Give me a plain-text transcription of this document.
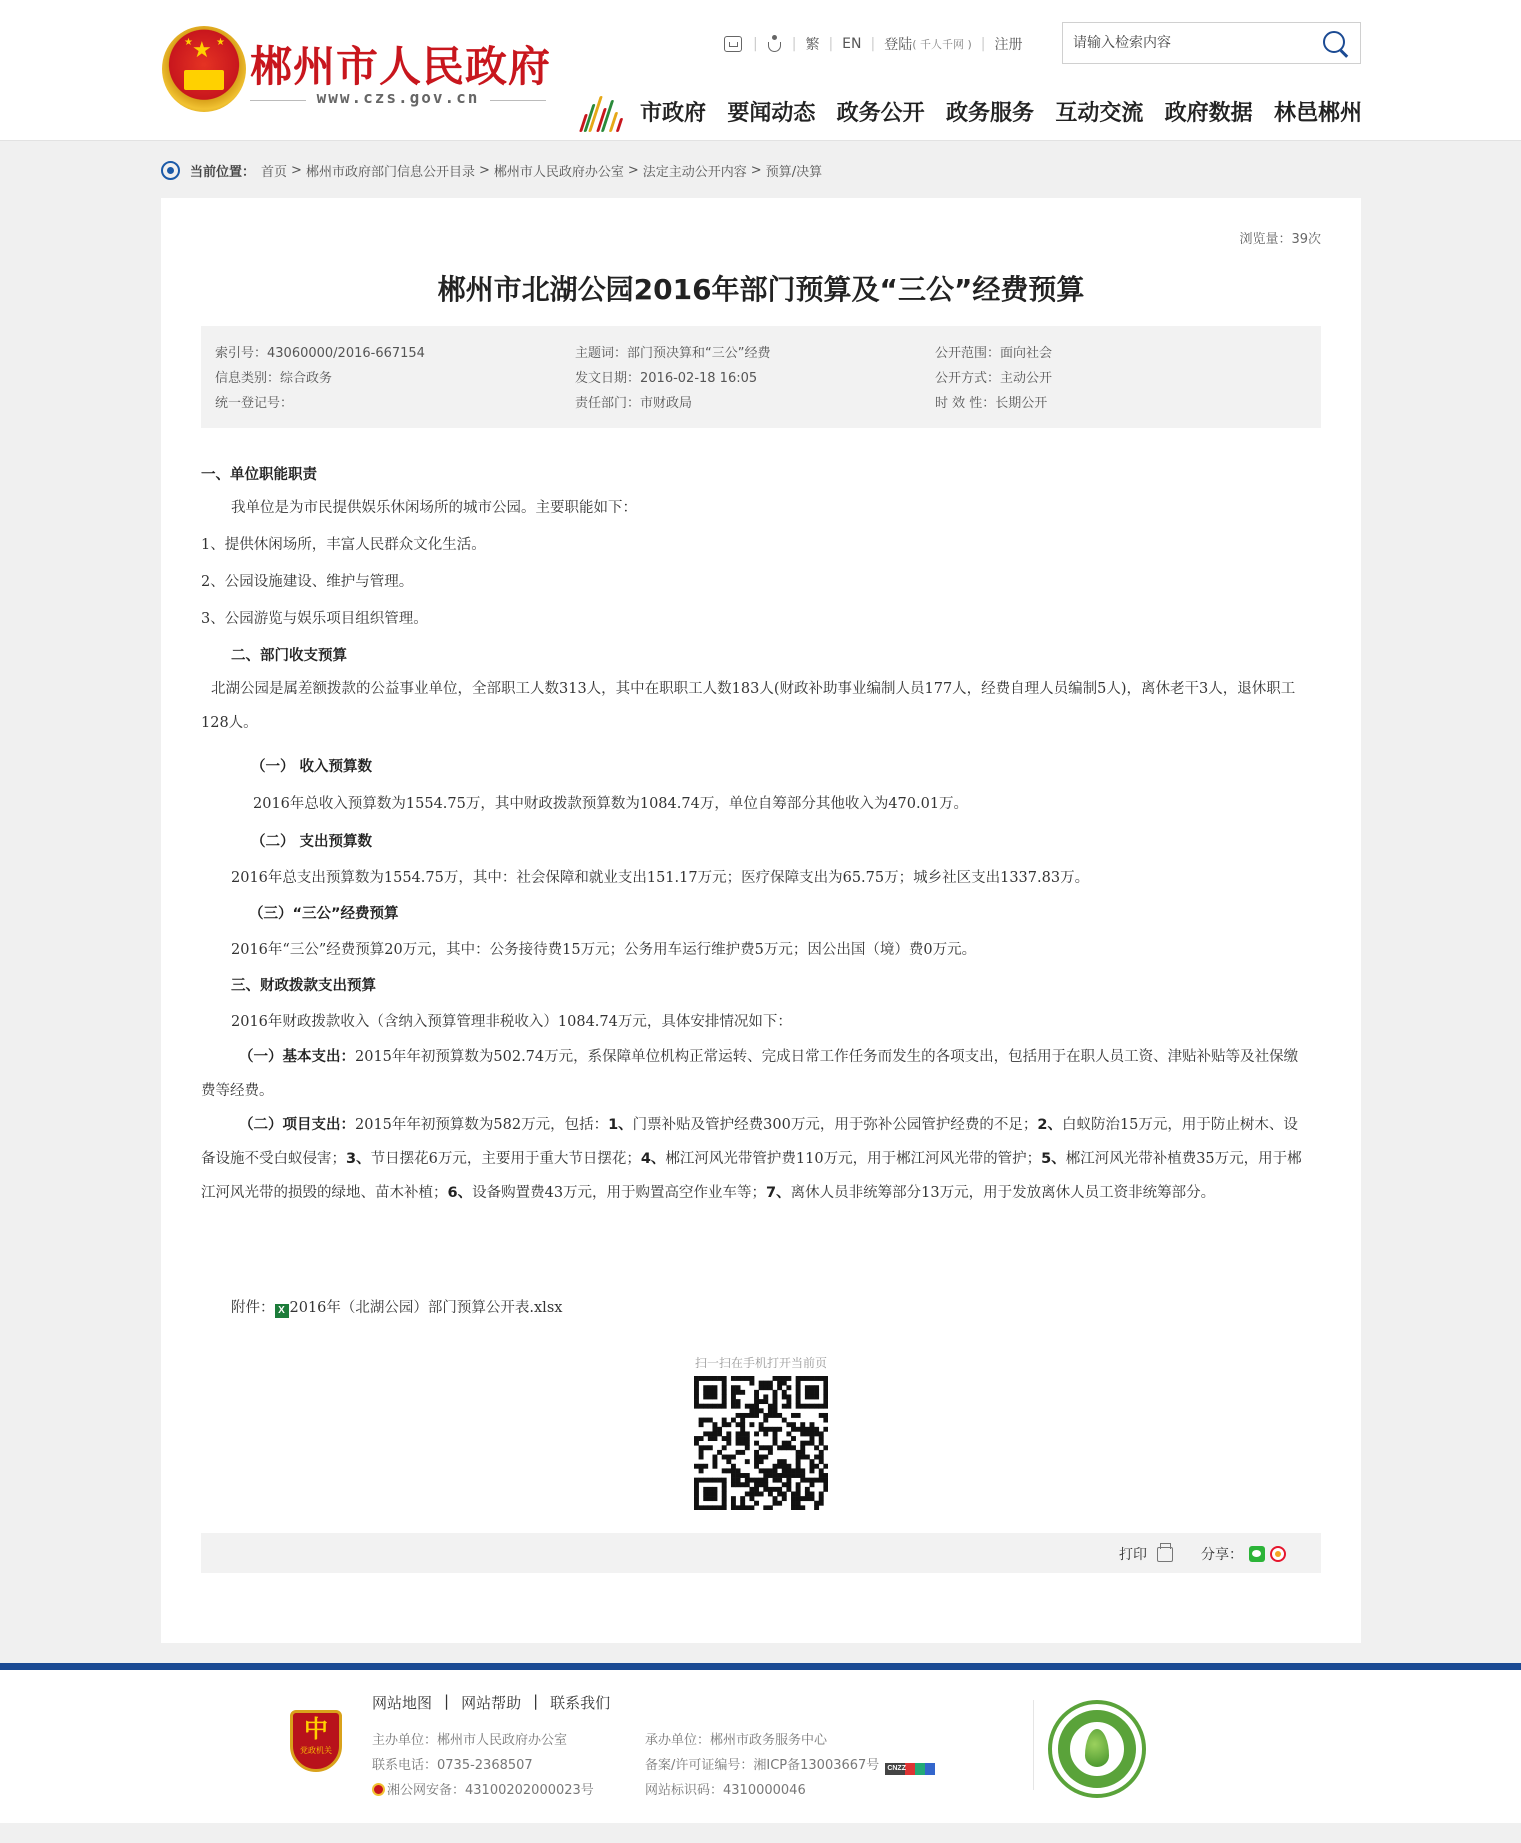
★ ★ ★ 郴州市人民政府
www.czs.gov.cn
| | 繁 | EN | 登陆 ( 千人千网 ) | 注册
请输入检索内容
市政府 要闻动态 政务公开 政务服务 互动交流 政府数据 林邑郴州
当前位置： 首页 > 郴州市政府部门信息公开目录 > 郴州市人民政府办公室 > 法定主动公开内容 > 预算/决算
浏览量：39次
郴州市北湖公园2016年部门预算及“三公”经费预算
索引号：43060000/2016-667154
信息类别：综合政务
统一登记号：
主题词：部门预决算和“三公”经费
发文日期：2016-02-18 16:05
责任部门：市财政局
公开范围：面向社会
公开方式：主动公开
时 效 性：长期公开

一、单位职能职责

我单位是为市民提供娱乐休闲场所的城市公园。主要职能如下：

1、提供休闲场所，丰富人民群众文化生活。

2、公园设施建设、维护与管理。

3、公园游览与娱乐项目组织管理。

二、部门收支预算

北湖公园是属差额拨款的公益事业单位，全部职工人数313人，其中在职职工人数183人(财政补助事业编制人员177人，经费自理人员编制5人)，离休老干3人，退休职工128人。

（一） 收入预算数

2016年总收入预算数为1554.75万，其中财政拨款预算数为1084.74万，单位自筹部分其他收入为470.01万。

（二） 支出预算数

2016年总支出预算数为1554.75万，其中：社会保障和就业支出151.17万元；医疗保障支出为65.75万；城乡社区支出1337.83万。

（三）“三公”经费预算

2016年“三公”经费预算20万元，其中：公务接待费15万元；公务用车运行维护费5万元；因公出国（境）费0万元。

三、财政拨款支出预算

2016年财政拨款收入（含纳入预算管理非税收入）1084.74万元，具体安排情况如下：

（一）基本支出：2015年年初预算数为502.74万元，系保障单位机构正常运转、完成日常工作任务而发生的各项支出，包括用于在职人员工资、津贴补贴等及社保缴费等经费。

（二）项目支出：2015年年初预算数为582万元，包括：1、门票补贴及管护经费300万元，用于弥补公园管护经费的不足；2、白蚁防治15万元，用于防止树木、设备设施不受白蚁侵害；3、节日摆花6万元，主要用于重大节日摆花；4、郴江河风光带管护费110万元，用于郴江河风光带的管护；5、郴江河风光带补植费35万元，用于郴江河风光带的损毁的绿地、苗木补植；6、设备购置费43万元，用于购置高空作业车等；7、离休人员非统筹部分13万元，用于发放离休人员工资非统筹部分。

附件： X 2016年（北湖公园）部门预算公开表.xlsx

扫一扫在手机打开当前页
打印	分享：
中
党政机关
网站地图 | 网站帮助 | 联系我们
主办单位：郴州市人民政府办公室
联系电话：0735-2368507
湘公网安备：43100202000023号
承办单位：郴州市政务服务中心
备案/许可证编号：湘ICP备13003667号 CNZZ
网站标识码：4310000046
